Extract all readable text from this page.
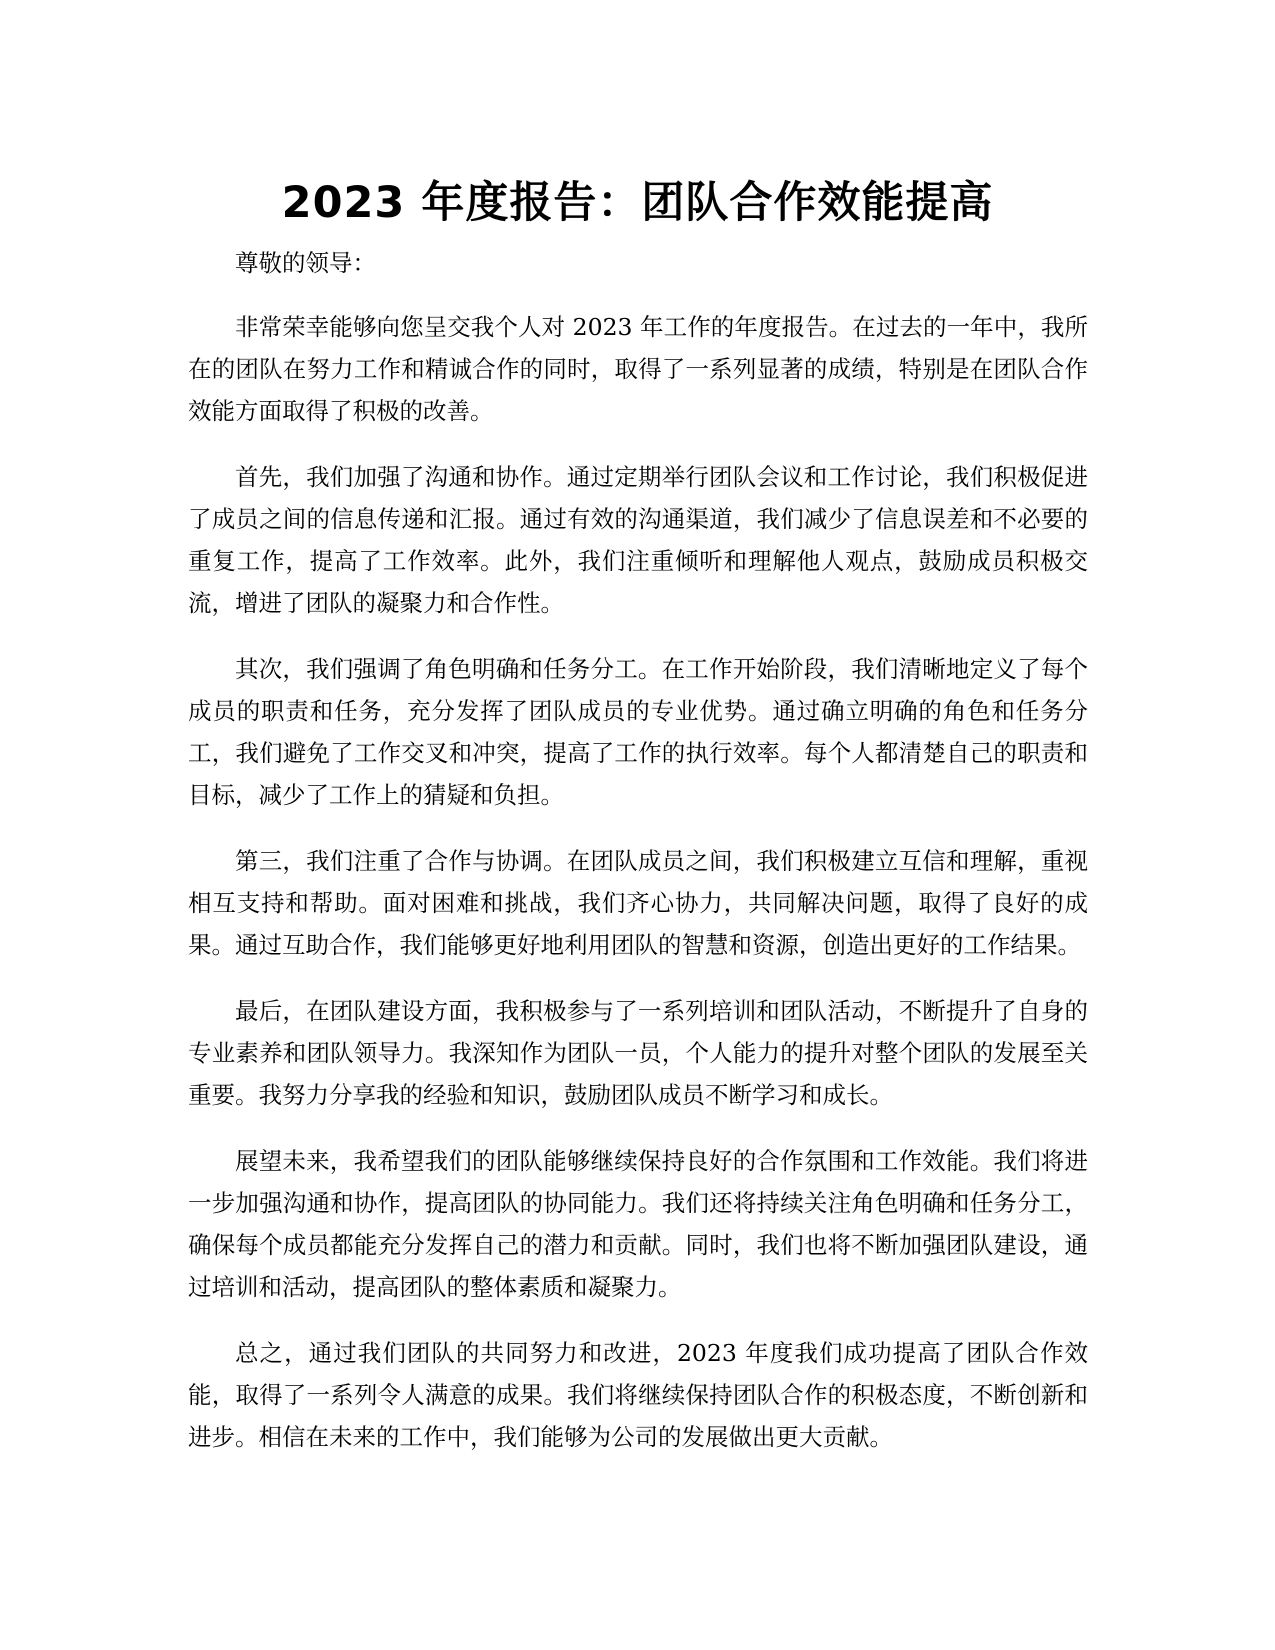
2023 年度报告：团队合作效能提高

尊敬的领导：

非常荣幸能够向您呈交我个人对 2023 年工作的年度报告。在过去的一年中，我所在的团队在努力工作和精诚合作的同时，取得了一系列显著的成绩，特别是在团队合作效能方面取得了积极的改善。

首先，我们加强了沟通和协作。通过定期举行团队会议和工作讨论，我们积极促进了成员之间的信息传递和汇报。通过有效的沟通渠道，我们减少了信息误差和不必要的重复工作，提高了工作效率。此外，我们注重倾听和理解他人观点，鼓励成员积极交流，增进了团队的凝聚力和合作性。

其次，我们强调了角色明确和任务分工。在工作开始阶段，我们清晰地定义了每个成员的职责和任务，充分发挥了团队成员的专业优势。通过确立明确的角色和任务分工，我们避免了工作交叉和冲突，提高了工作的执行效率。每个人都清楚自己的职责和目标，减少了工作上的猜疑和负担。

第三，我们注重了合作与协调。在团队成员之间，我们积极建立互信和理解，重视相互支持和帮助。面对困难和挑战，我们齐心协力，共同解决问题，取得了良好的成果。通过互助合作，我们能够更好地利用团队的智慧和资源，创造出更好的工作结果。

最后，在团队建设方面，我积极参与了一系列培训和团队活动，不断提升了自身的专业素养和团队领导力。我深知作为团队一员，个人能力的提升对整个团队的发展至关重要。我努力分享我的经验和知识，鼓励团队成员不断学习和成长。

展望未来，我希望我们的团队能够继续保持良好的合作氛围和工作效能。我们将进一步加强沟通和协作，提高团队的协同能力。我们还将持续关注角色明确和任务分工，确保每个成员都能充分发挥自己的潜力和贡献。同时，我们也将不断加强团队建设，通过培训和活动，提高团队的整体素质和凝聚力。

总之，通过我们团队的共同努力和改进，2023 年度我们成功提高了团队合作效能，取得了一系列令人满意的成果。我们将继续保持团队合作的积极态度，不断创新和进步。相信在未来的工作中，我们能够为公司的发展做出更大贡献。
